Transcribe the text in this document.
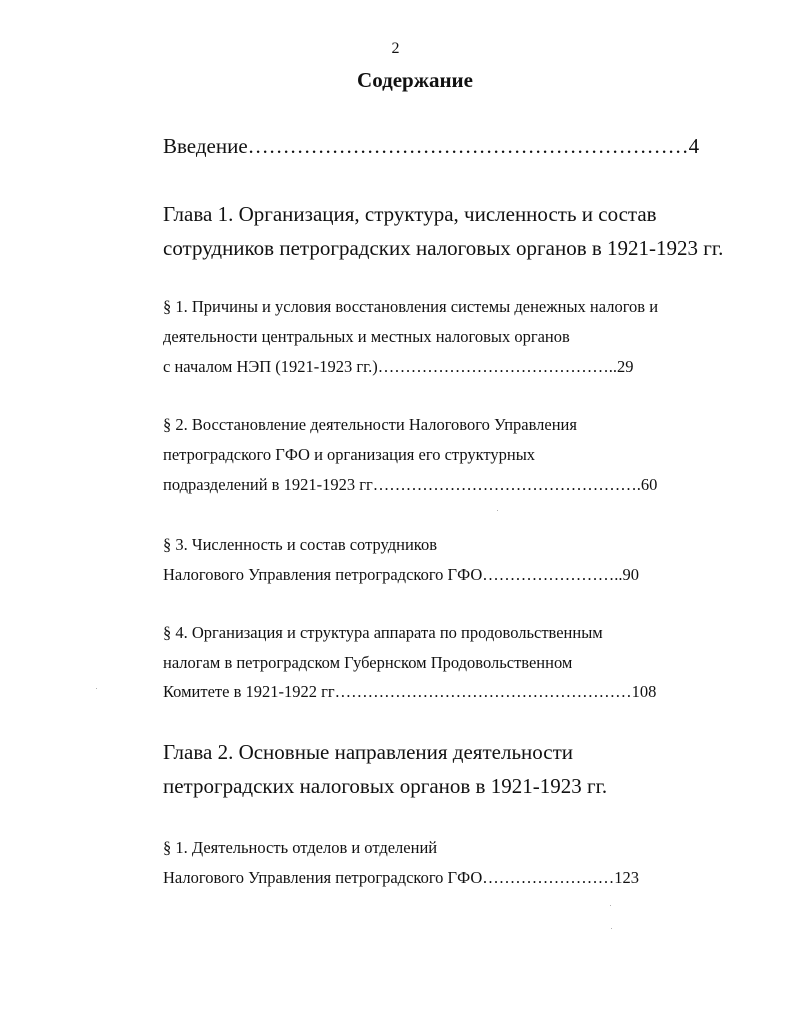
2
Содержание
Введение………………………………………………………4
Глава 1. Организация, структура, численность и состав
сотрудников петроградских налоговых органов в 1921-1923 гг.
§ 1. Причины и условия восстановления системы денежных налогов и
деятельности центральных и местных налоговых органов
с началом НЭП (1921-1923 гг.)……………………………………..29
§ 2. Восстановление деятельности Налогового Управления
петроградского ГФО и организация его структурных
подразделений в 1921-1923 гг………………………………………….60
§ 3. Численность и состав сотрудников
Налогового Управления петроградского ГФО……………………..90
§ 4. Организация и структура аппарата по продовольственным
налогам в петроградском Губернском Продовольственном
Комитете в 1921-1922 гг………………………………………………108
Глава 2. Основные направления деятельности
петроградских налоговых органов в 1921-1923 гг.
§ 1. Деятельность отделов и отделений
Налогового Управления петроградского ГФО……………………123
